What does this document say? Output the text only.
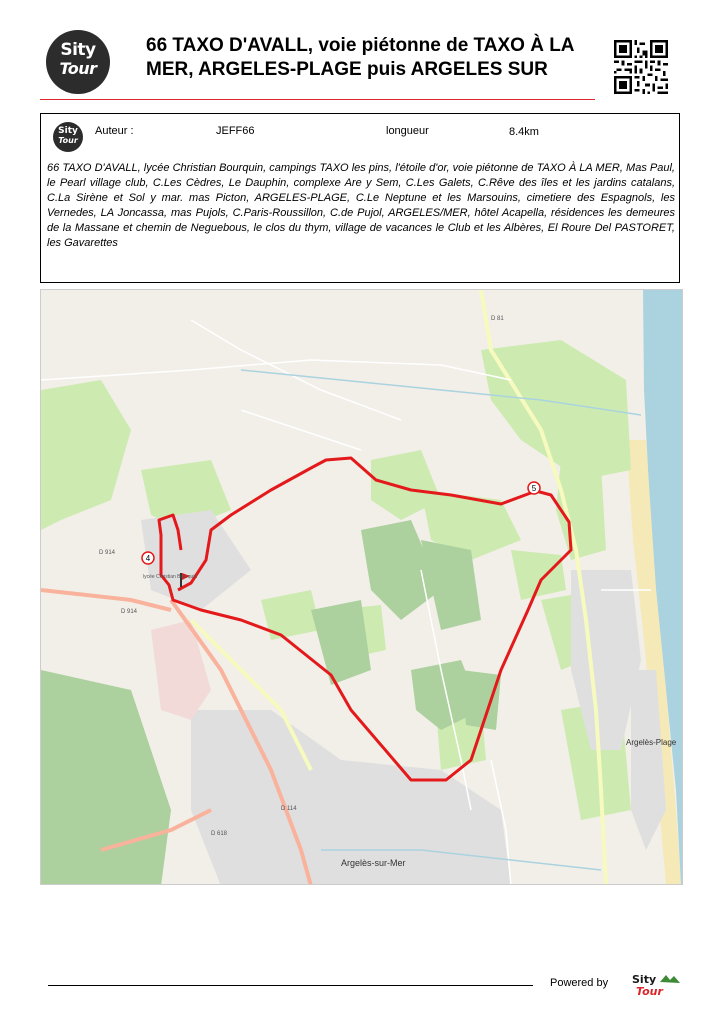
Sity
Tour
66 TAXO D'AVALL, voie piétonne de TAXO À LA MER, ARGELES-PLAGE puis ARGELES SUR
Sity
Tour
Auteur :	JEFF66	longueur	8.4km
66 TAXO D'AVALL, lycée Christian Bourquin, campings TAXO les pins, l'étoile d'or, voie piétonne de TAXO À LA MER, Mas Paul, le Pearl village club, C.Les Cèdres, Le Dauphin, complexe Are y Sem, C.Les Galets, C.Rêve des îles et les jardins catalans, C.La Sirène et Sol y mar. mas Picton, ARGELES-PLAGE, C.Le Neptune et les Marsouins, cimetiere des Espagnols, les Vernedes, LA Joncassa, mas Pujols, C.Paris-Roussillon, C.de Pujol, ARGELES/MER, hôtel Acapella, résidences les demeures de la Massane et chemin de Neguebous, le clos du thym, village de vacances le Club et les Albères, El Roure Del PASTORET, les Gavarettes
4
5
D 81
D 914
D 914
D 618
D 114
Argelès-sur-Mer
Argelès-Plage
lycée Christian Bourquin
Powered by Sity
Tour
